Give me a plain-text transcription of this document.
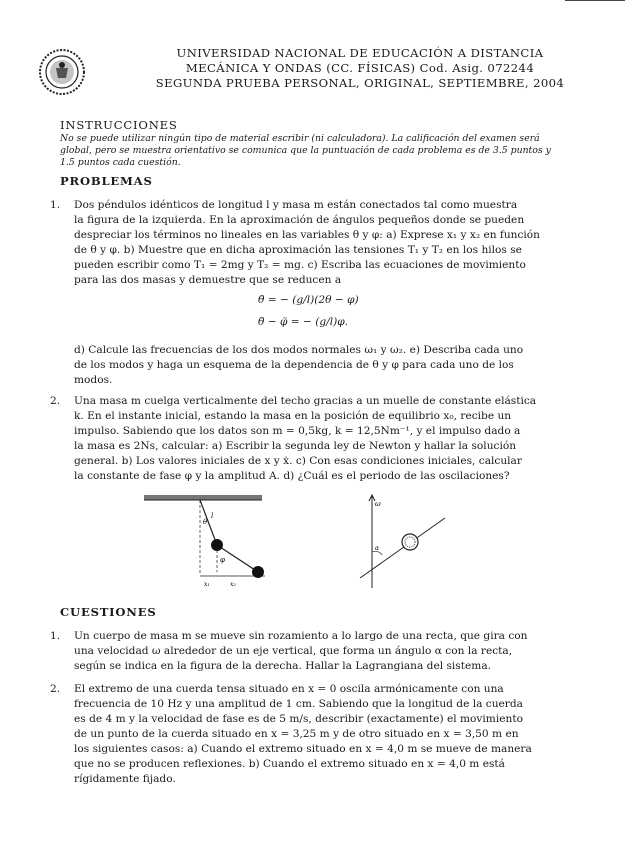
UNIVERSIDAD NACIONAL DE EDUCACIÓN A DISTANCIA
MECÁNICA Y ONDAS (CC. FÍSICAS) Cod. Asig. 072244
SEGUNDA PRUEBA PERSONAL, ORIGINAL, SEPTIEMBRE, 2004
INSTRUCCIONES
No se puede utilizar ningún tipo de material escribir (ni calculadora). La calificación del examen será
global, pero se muestra orientativo se comunica que la puntuación de cada problema es de 3.5 puntos y
1.5 puntos cada cuestión.
PROBLEMAS
1. Dos péndulos idénticos de longitud l y masa m están conectados tal como muestra
la figura de la izquierda. En la aproximación de ángulos pequeños donde se pueden
despreciar los términos no lineales en las variables θ y φ: a) Exprese x₁ y x₂ en función
de θ y φ. b) Muestre que en dicha aproximación las tensiones T₁ y T₂ en los hilos se
pueden escribir como T₁ = 2mg y T₂ = mg. c) Escriba las ecuaciones de movimiento
para las dos masas y demuestre que se reducen a
θ̈ = − (g/l)(2θ − φ)
θ̈ − φ̈ = − (g/l)φ.
d) Calcule las frecuencias de los dos modos normales ω₁ y ω₂. e) Describa cada uno
de los modos y haga un esquema de la dependencia de θ y φ para cada uno de los
modos.
2. Una masa m cuelga verticalmente del techo gracias a un muelle de constante elástica
k. En el instante inicial, estando la masa en la posición de equilibrio x₀, recibe un
impulso. Sabiendo que los datos son m = 0,5kg, k = 12,5Nm⁻¹, y el impulso dado a
la masa es 2Ns, calcular: a) Escribir la segunda ley de Newton y hallar la solución
general. b) Los valores iniciales de x y ẋ. c) Con esas condiciones iniciales, calcular
la constante de fase φ y la amplitud A. d) ¿Cuál es el periodo de las oscilaciones?
θ
l
φ
x₂
x₁
α
ω
CUESTIONES
1. Un cuerpo de masa m se mueve sin rozamiento a lo largo de una recta, que gira con
una velocidad ω alrededor de un eje vertical, que forma un ángulo α con la recta,
según se indica en la figura de la derecha. Hallar la Lagrangiana del sistema.
2. El extremo de una cuerda tensa situado en x = 0 oscila armónicamente con una
frecuencia de 10 Hz y una amplitud de 1 cm. Sabiendo que la longitud de la cuerda
es de 4 m y la velocidad de fase es de 5 m/s, describir (exactamente) el movimiento
de un punto de la cuerda situado en x = 3,25 m y de otro situado en x = 3,50 m en
los siguientes casos: a) Cuando el extremo situado en x = 4,0 m se mueve de manera
que no se producen reflexiones. b) Cuando el extremo situado en x = 4,0 m está
rígidamente fijado.
